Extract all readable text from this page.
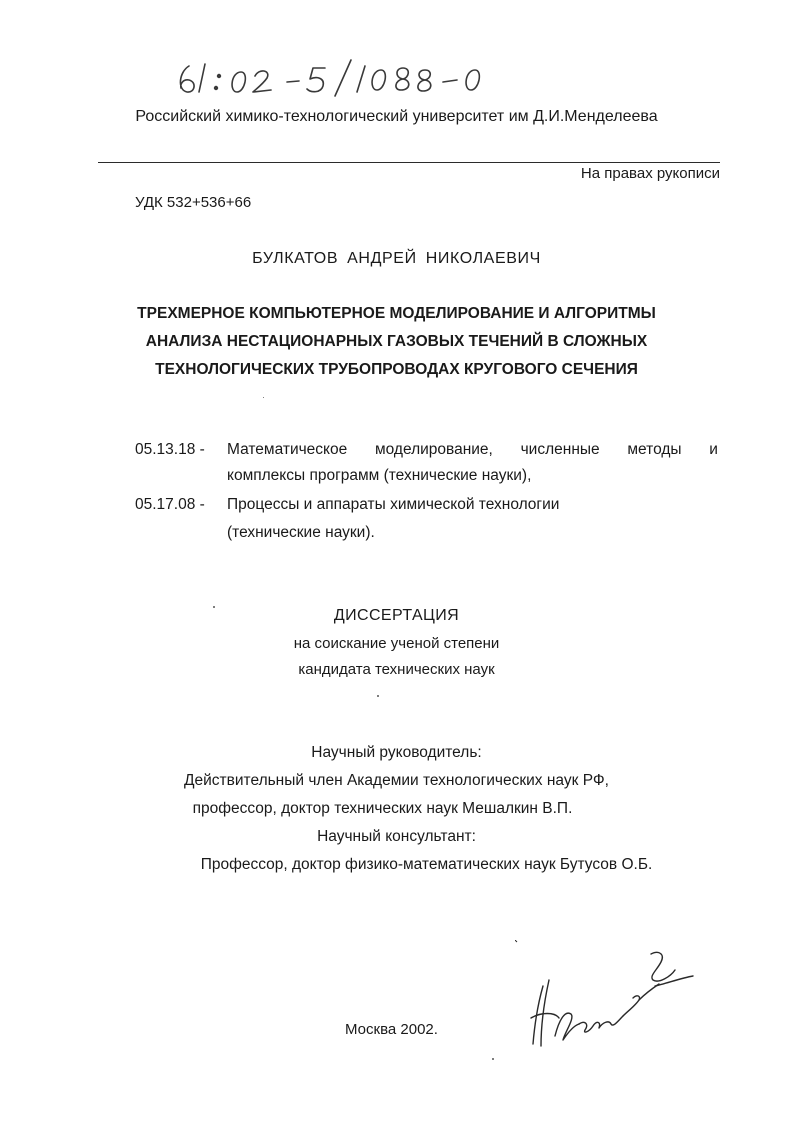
Российский химико-технологический университет им Д.И.Менделеева
На правах рукописи
УДК 532+536+66
БУЛКАТОВ АНДРЕЙ НИКОЛАЕВИЧ
ТРЕХМЕРНОЕ КОМПЬЮТЕРНОЕ МОДЕЛИРОВАНИЕ И АЛГОРИТМЫ
АНАЛИЗА НЕСТАЦИОНАРНЫХ ГАЗОВЫХ ТЕЧЕНИЙ В СЛОЖНЫХ
ТЕХНОЛОГИЧЕСКИХ ТРУБОПРОВОДАХ КРУГОВОГО СЕЧЕНИЯ
05.13.18 - Математическое моделирование, численные методы и
комплексы программ (технические науки),
05.17.08 - Процессы и аппараты химической технологии
(технические науки).
ДИССЕРТАЦИЯ
на соискание ученой степени
кандидата технических наук
Научный руководитель:
Действительный член Академии технологических наук РФ,
профессор, доктор технических наук Мешалкин В.П.
Научный консультант:
Профессор, доктор физико-математических наук Бутусов О.Б.
Москва 2002.
